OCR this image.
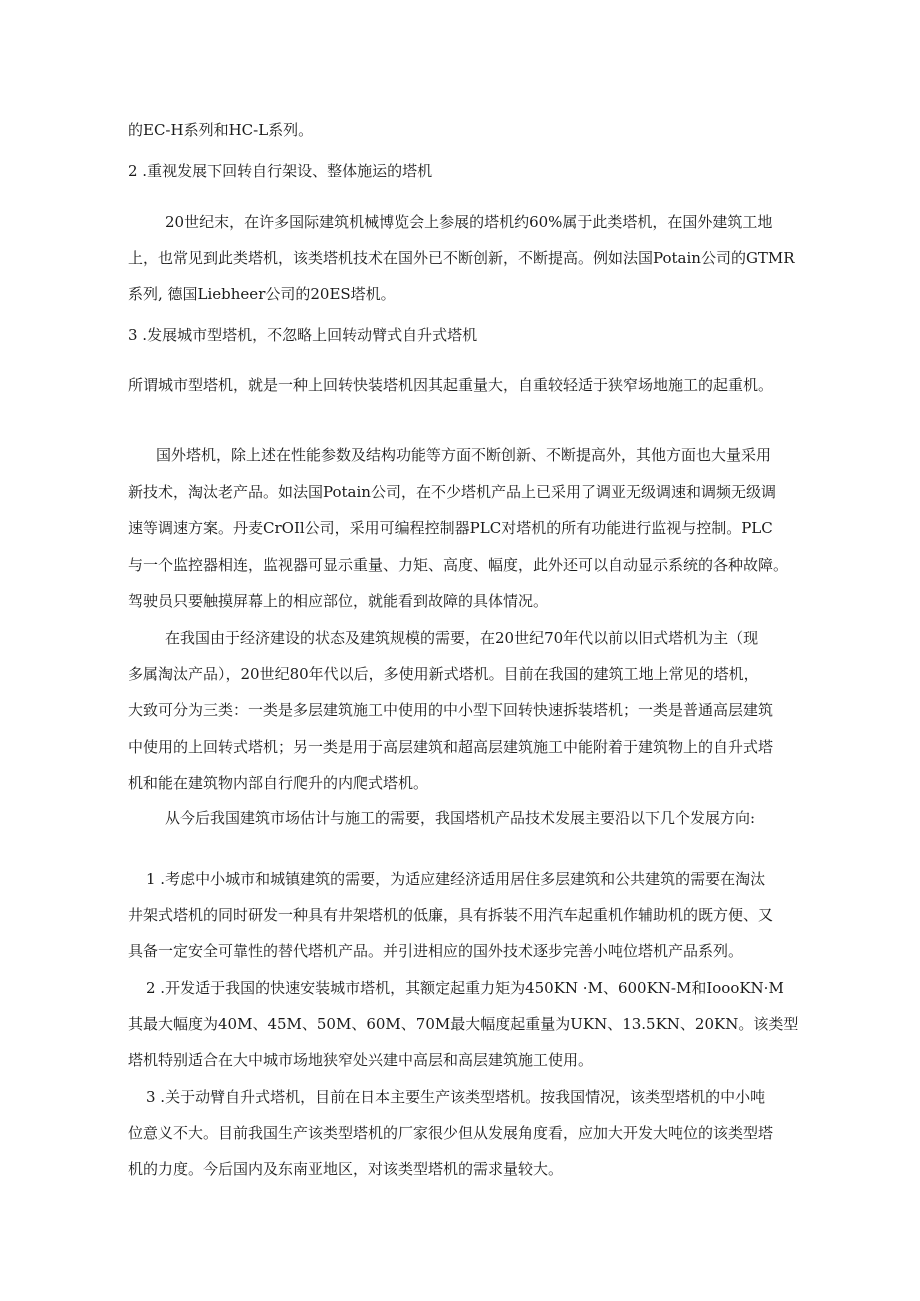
的EC-H系列和HC-L系列。
2 .重视发展下回转自行架设、整体施运的塔机
20世纪末，在许多国际建筑机械博览会上参展的塔机约60%属于此类塔机，在国外建筑工地
上，也常见到此类塔机，该类塔机技术在国外已不断创新，不断提高。例如法国Potain公司的GTMR
系列, 德国Liebheer公司的20ES塔机。
3 .发展城市型塔机，不忽略上回转动臂式自升式塔机
所谓城市型塔机，就是一种上回转快装塔机因其起重量大，自重较轻适于狭窄场地施工的起重机。
国外塔机，除上述在性能参数及结构功能等方面不断创新、不断提高外，其他方面也大量采用
新技术，淘汰老产品。如法国Potain公司，在不少塔机产品上已采用了调亚无级调速和调频无级调
速等调速方案。丹麦CrOIl公司，采用可编程控制器PLC对塔机的所有功能进行监视与控制。PLC
与一个监控器相连，监视器可显示重量、力矩、高度、幅度，此外还可以自动显示系统的各种故障。
驾驶员只要触摸屏幕上的相应部位，就能看到故障的具体情况。
在我国由于经济建设的状态及建筑规模的需要，在20世纪70年代以前以旧式塔机为主（现
多属淘汰产品），20世纪80年代以后，多使用新式塔机。目前在我国的建筑工地上常见的塔机，
大致可分为三类：一类是多层建筑施工中使用的中小型下回转快速拆装塔机；一类是普通高层建筑
中使用的上回转式塔机；另一类是用于高层建筑和超高层建筑施工中能附着于建筑物上的自升式塔
机和能在建筑物内部自行爬升的内爬式塔机。
从今后我国建筑市场估计与施工的需要，我国塔机产品技术发展主要沿以下几个发展方向:
1 .考虑中小城市和城镇建筑的需要，为适应建经济适用居住多层建筑和公共建筑的需要在淘汰
井架式塔机的同时研发一种具有井架塔机的低廉，具有拆装不用汽车起重机作辅助机的既方便、又
具备一定安全可靠性的替代塔机产品。并引进相应的国外技术逐步完善小吨位塔机产品系列。
2 .开发适于我国的快速安装城市塔机，其额定起重力矩为450KN ·M、600KN-M和IoooKN·M
其最大幅度为40M、45M、50M、60M、70M最大幅度起重量为UKN、13.5KN、20KN。该类型
塔机特别适合在大中城市场地狭窄处兴建中高层和高层建筑施工使用。
3 .关于动臂自升式塔机，目前在日本主要生产该类型塔机。按我国情况，该类型塔机的中小吨
位意义不大。目前我国生产该类型塔机的厂家很少但从发展角度看，应加大开发大吨位的该类型塔
机的力度。今后国内及东南亚地区，对该类型塔机的需求量较大。
